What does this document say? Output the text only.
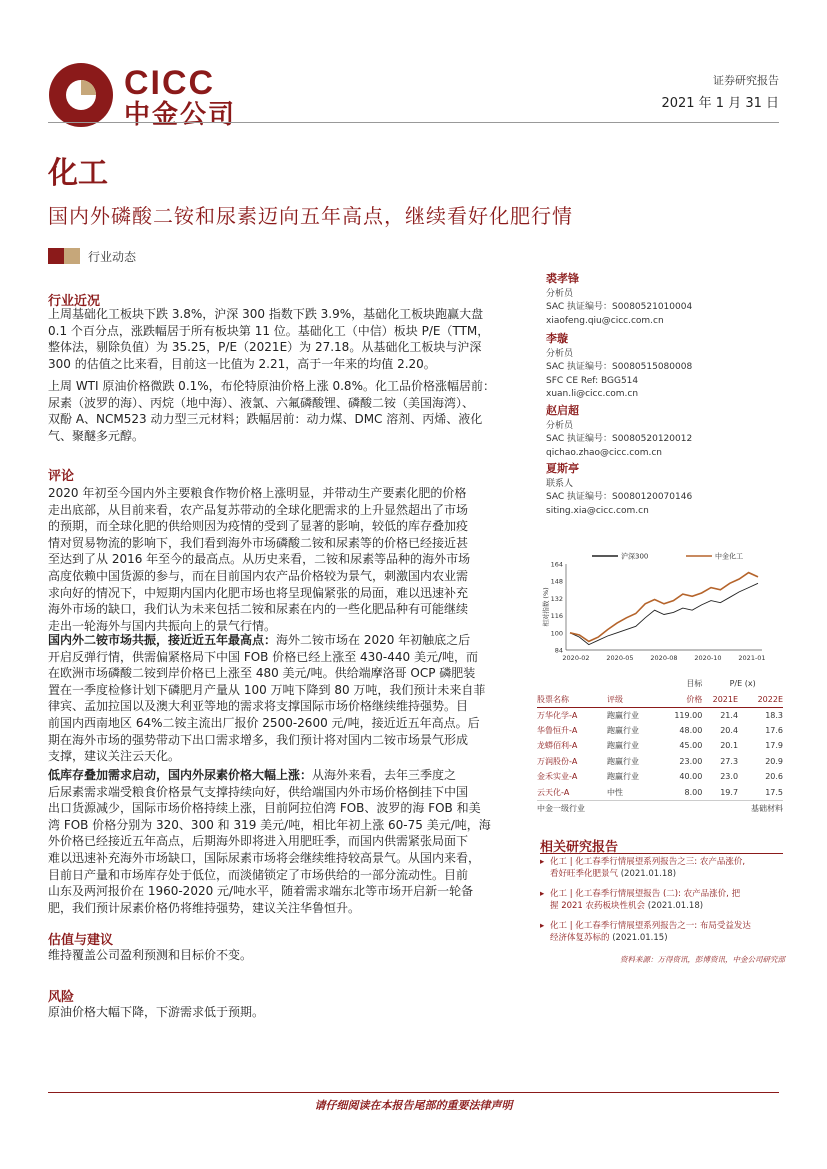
CICC
中金公司
证券研究报告
2021 年 1 月 31 日
化工
国内外磷酸二铵和尿素迈向五年高点，继续看好化肥行情
行业动态
行业近况
上周基础化工板块下跌 3.8%，沪深 300 指数下跌 3.9%，基础化工板块跑赢大盘
0.1 个百分点，涨跌幅居于所有板块第 11 位。基础化工（中信）板块 P/E（TTM，
整体法，剔除负值）为 35.25，P/E（2021E）为 27.18。从基础化工板块与沪深
300 的估值之比来看，目前这一比值为 2.21，高于一年来的均值 2.20。
上周 WTI 原油价格微跌 0.1%，布伦特原油价格上涨 0.8%。化工品价格涨幅居前：
尿素（波罗的海）、丙烷（地中海）、液氯、六氟磷酸锂、磷酸二铵（美国海湾）、
双酚 A、NCM523 动力型三元材料；跌幅居前：动力煤、DMC 溶剂、丙烯、液化
气、聚醚多元醇。
评论
2020 年初至今国内外主要粮食作物价格上涨明显，并带动生产要素化肥的价格
走出底部，从目前来看，农产品复苏带动的全球化肥需求的上升显然超出了市场
的预期，而全球化肥的供给则因为疫情的受到了显著的影响，较低的库存叠加疫
情对贸易物流的影响下，我们看到海外市场磷酸二铵和尿素等的价格已经接近甚
至达到了从 2016 年至今的最高点。从历史来看，二铵和尿素等品种的海外市场
高度依赖中国货源的参与，而在目前国内农产品价格较为景气，刺激国内农业需
求向好的情况下，中短期内国内化肥市场也将呈现偏紧张的局面，难以迅速补充
海外市场的缺口，我们认为未来包括二铵和尿素在内的一些化肥品种有可能继续
走出一轮海外与国内共振向上的景气行情。
国内外二铵市场共振，接近近五年最高点：海外二铵市场在 2020 年初触底之后
开启反弹行情，供需偏紧格局下中国 FOB 价格已经上涨至 430-440 美元/吨，而
在欧洲市场磷酸二铵到岸价格已上涨至 480 美元/吨。供给端摩洛哥 OCP 磷肥装
置在一季度检修计划下磷肥月产量从 100 万吨下降到 80 万吨，我们预计未来自菲
律宾、孟加拉国以及澳大利亚等地的需求将支撑国际市场价格继续维持强势。目
前国内西南地区 64%二铵主流出厂报价 2500-2600 元/吨，接近近五年高点。后
期在海外市场的强势带动下出口需求增多，我们预计将对国内二铵市场景气形成
支撑，建议关注云天化。
低库存叠加需求启动，国内外尿素价格大幅上涨：从海外来看，去年三季度之
后尿素需求端受粮食价格景气支撑持续向好，供给端国内外市场价格倒挂下中国
出口货源减少，国际市场价格持续上涨，目前阿拉伯湾 FOB、波罗的海 FOB 和美
湾 FOB 价格分别为 320、300 和 319 美元/吨，相比年初上涨 60-75 美元/吨，海
外价格已经接近五年高点，后期海外即将进入用肥旺季，而国内供需紧张局面下
难以迅速补充海外市场缺口，国际尿素市场将会继续维持较高景气。从国内来看，
目前日产量和市场库存处于低位，而淡储锁定了市场供给的一部分流动性。目前
山东及两河报价在 1960-2020 元/吨水平，随着需求端东北等市场开启新一轮备
肥，我们预计尿素价格仍将维持强势，建议关注华鲁恒升。
估值与建议
维持覆盖公司盈利预测和目标价不变。
风险
原油价格大幅下降，下游需求低于预期。
裘孝锋
分析员
SAC 执证编号：S0080521010004
xiaofeng.qiu@cicc.com.cn
李璇
分析员
SAC 执证编号：S0080515080008
SFC CE Ref: BGG514
xuan.li@cicc.com.cn
赵启超
分析员
SAC 执证编号：S0080520120012
qichao.zhao@cicc.com.cn
夏斯亭
联系人
SAC 执证编号：S0080120070146
siting.xia@cicc.com.cn
164
148
132
116
100
84
2020-02	2020-05	2020-08	2020-10	2021-01
相对指数 (%)
沪深300	中金化工
		目标	P/E (x)	
股票名称	评级	价格	2021E	2022E
万华化学-A	跑赢行业	119.00	21.4	18.3
华鲁恒升-A	跑赢行业	48.00	20.4	17.6
龙蟒佰利-A	跑赢行业	45.00	20.1	17.9
万润股份-A	跑赢行业	23.00	27.3	20.9
金禾实业-A	跑赢行业	40.00	23.0	20.6
云天化-A	中性	8.00	19.7	17.5
中金一级行业				基础材料
相关研究报告
▸ 化工 | 化工春季行情展望系列报告之三: 农产品涨价,
看好旺季化肥景气 (2021.01.18)
▸ 化工 | 化工春季行情展望报告 (二): 农产品涨价, 把
握 2021 农药板块性机会 (2021.01.18)
▸ 化工 | 化工春季行情展望系列报告之一: 布局受益发达
经济体复苏标的 (2021.01.15)
资料来源：万得资讯，彭博资讯，中金公司研究部
请仔细阅读在本报告尾部的重要法律声明
